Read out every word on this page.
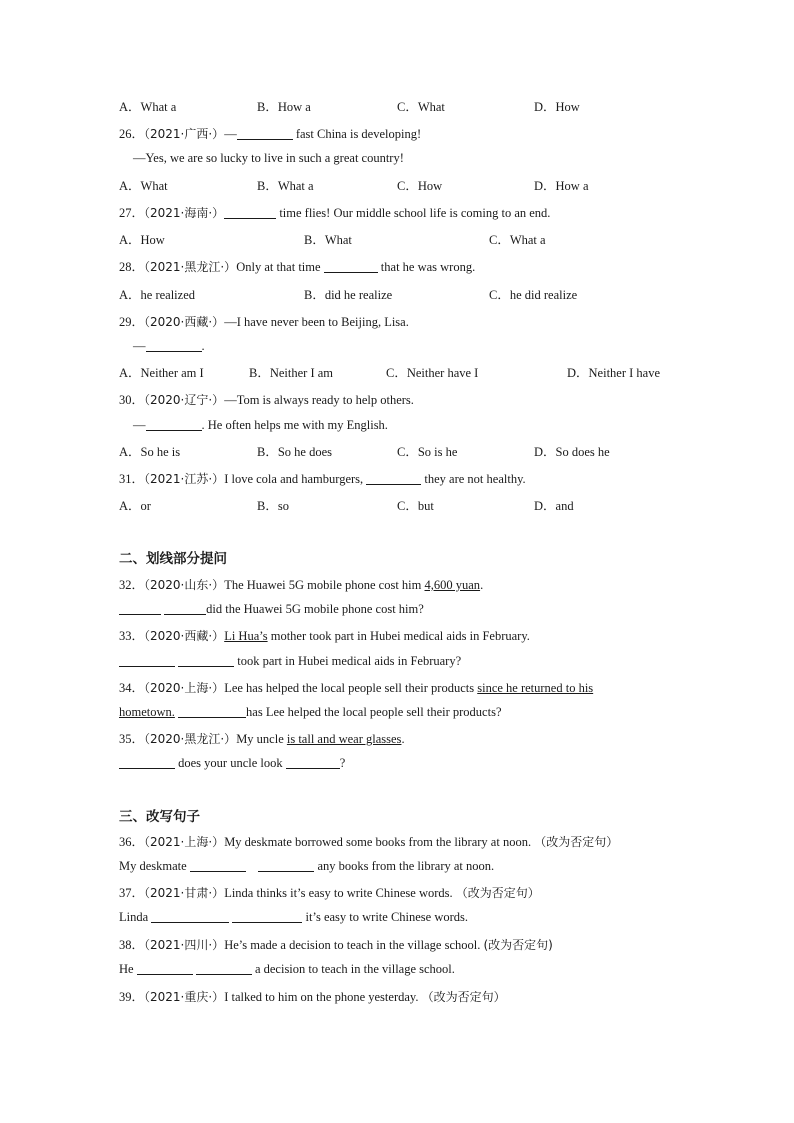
A．What a	B．How a	C．What	D．How
26．（2021·广西·）—	fast China is developing!
—Yes, we are so lucky to live in such a great country!
A．What	B．What a	C．How	D．How a
27．（2021·海南·）	time flies! Our middle school life is coming to an end.
A．How	B．What	C．What a
28．（2021·黑龙江·）Only at that time	that he was wrong.
A．he realized	B．did he realize	C．he did realize
29．（2020·西藏·）—I have never been to Beijing, Lisa.
—	.
A．Neither am I	B．Neither I am	C．Neither have I	D．Neither I have
30．（2020·辽宁·）—Tom is always ready to help others.
—	. He often helps me with my English.
A．So he is	B．So he does	C．So is he	D．So does he
31．（2021·江苏·）I love cola and hamburgers,	they are not healthy.
A．or	B．so	C．but	D．and
二、划线部分提问
32．（2020·山东·）The Huawei 5G mobile phone cost him 4,600 yuan.
did the Huawei 5G mobile phone cost him?
33．（2020·西藏·）Li Hua’s mother took part in Hubei medical aids in February.
took part in Hubei medical aids in February?
34．（2020·上海·）Lee has helped the local people sell their products since he returned to his
hometown.	has Lee helped the local people sell their products?
35．（2020·黑龙江·）My uncle is tall and wear glasses.
does your uncle look	?
三、改写句子
36．（2021·上海·）My deskmate borrowed some books from the library at noon. （改为否定句）
My deskmate	any books from the library at noon.
37．（2021·甘肃·）Linda thinks it’s easy to write Chinese words. （改为否定句）
Linda	it’s easy to write Chinese words.
38．（2021·四川·）He’s made a decision to teach in the village school. (改为否定句)
He	a decision to teach in the village school.
39．（2021·重庆·）I talked to him on the phone yesterday. （改为否定句）
